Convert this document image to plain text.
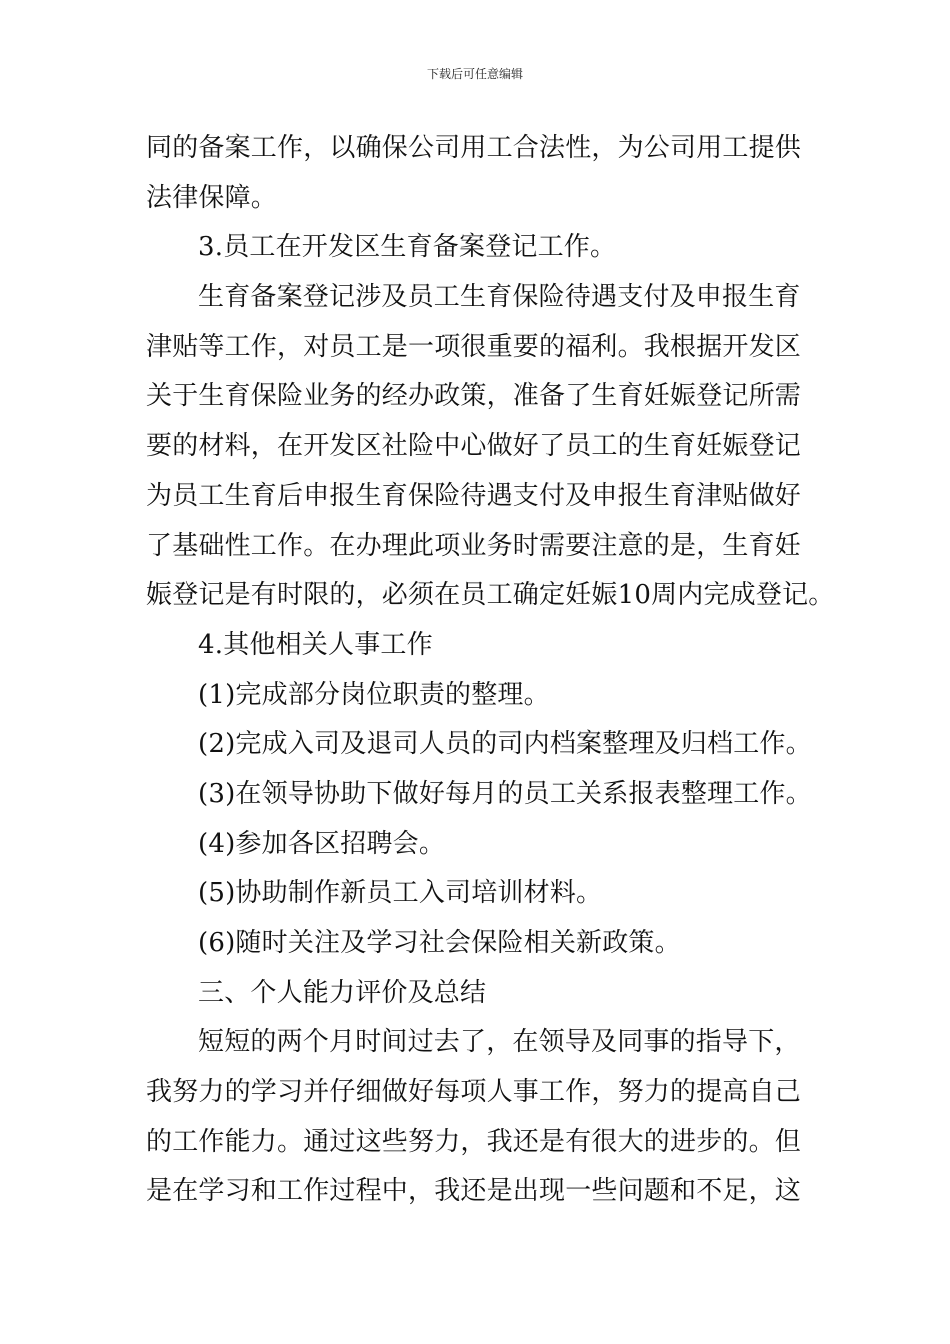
下载后可任意编辑
同的备案工作，以确保公司用工合法性，为公司用工提供
法律保障。
3.员工在开发区生育备案登记工作。
生育备案登记涉及员工生育保险待遇支付及申报生育
津贴等工作，对员工是一项很重要的福利。我根据开发区
关于生育保险业务的经办政策，准备了生育妊娠登记所需
要的材料，在开发区社险中心做好了员工的生育妊娠登记
为员工生育后申报生育保险待遇支付及申报生育津贴做好
了基础性工作。在办理此项业务时需要注意的是，生育妊
娠登记是有时限的，必须在员工确定妊娠10周内完成登记。
4.其他相关人事工作
(1)完成部分岗位职责的整理。
(2)完成入司及退司人员的司内档案整理及归档工作。
(3)在领导协助下做好每月的员工关系报表整理工作。
(4)参加各区招聘会。
(5)协助制作新员工入司培训材料。
(6)随时关注及学习社会保险相关新政策。
三、个人能力评价及总结
短短的两个月时间过去了，在领导及同事的指导下，
我努力的学习并仔细做好每项人事工作，努力的提高自己
的工作能力。通过这些努力，我还是有很大的进步的。但
是在学习和工作过程中，我还是出现一些问题和不足，这
